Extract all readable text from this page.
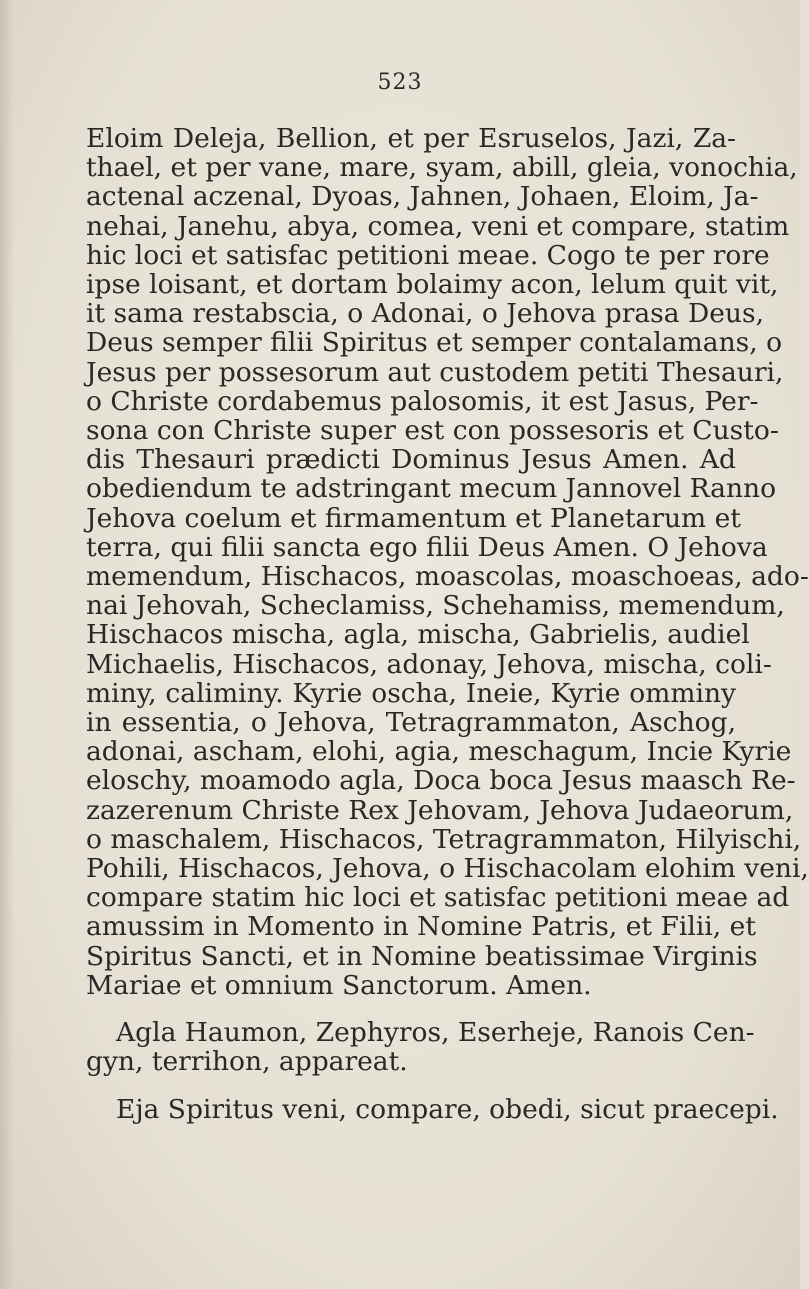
523
Eloim Deleja, Bellion, et per Esruselos, Jazi, Za-
thael, et per vane, mare, syam, abill, gleia, vonochia,
actenal aczenal, Dyoas, Jahnen, Johaen, Eloim, Ja-
nehai, Janehu, abya, comea, veni et compare, statim
hic loci et satisfac petitioni meae. Cogo te per rore
ipse loisant, et dortam bolaimy acon, lelum quit vit,
it sama restabscia, o Adonai, o Jehova prasa Deus,
Deus semper filii Spiritus et semper contalamans, o
Jesus per possesorum aut custodem petiti Thesauri,
o Christe cordabemus palosomis, it est Jasus, Per-
sona con Christe super est con possesoris et Custo-
dis Thesauri prædicti Dominus Jesus Amen. Ad
obediendum te adstringant mecum Jannovel Ranno
Jehova coelum et firmamentum et Planetarum et
terra, qui filii sancta ego filii Deus Amen. O Jehova
memendum, Hischacos, moascolas, moaschoeas, ado-
nai Jehovah, Scheclamiss, Schehamiss, memendum,
Hischacos mischa, agla, mischa, Gabrielis, audiel
Michaelis, Hischacos, adonay, Jehova, mischa, coli-
miny, caliminy. Kyrie oscha, Ineie, Kyrie omminy
in essentia, o Jehova, Tetragrammaton, Aschog,
adonai, ascham, elohi, agia, meschagum, Incie Kyrie
eloschy, moamodo agla, Doca boca Jesus maasch Re-
zazerenum Christe Rex Jehovam, Jehova Judaeorum,
o maschalem, Hischacos, Tetragrammaton, Hilyischi,
Pohili, Hischacos, Jehova, o Hischacolam elohim veni,
compare statim hic loci et satisfac petitioni meae ad
amussim in Momento in Nomine Patris, et Filii, et
Spiritus Sancti, et in Nomine beatissimae Virginis
Mariae et omnium Sanctorum. Amen.
Agla Haumon, Zephyros, Eserheje, Ranois Cen-
gyn, terrihon, appareat.
Eja Spiritus veni, compare, obedi, sicut praecepi.
